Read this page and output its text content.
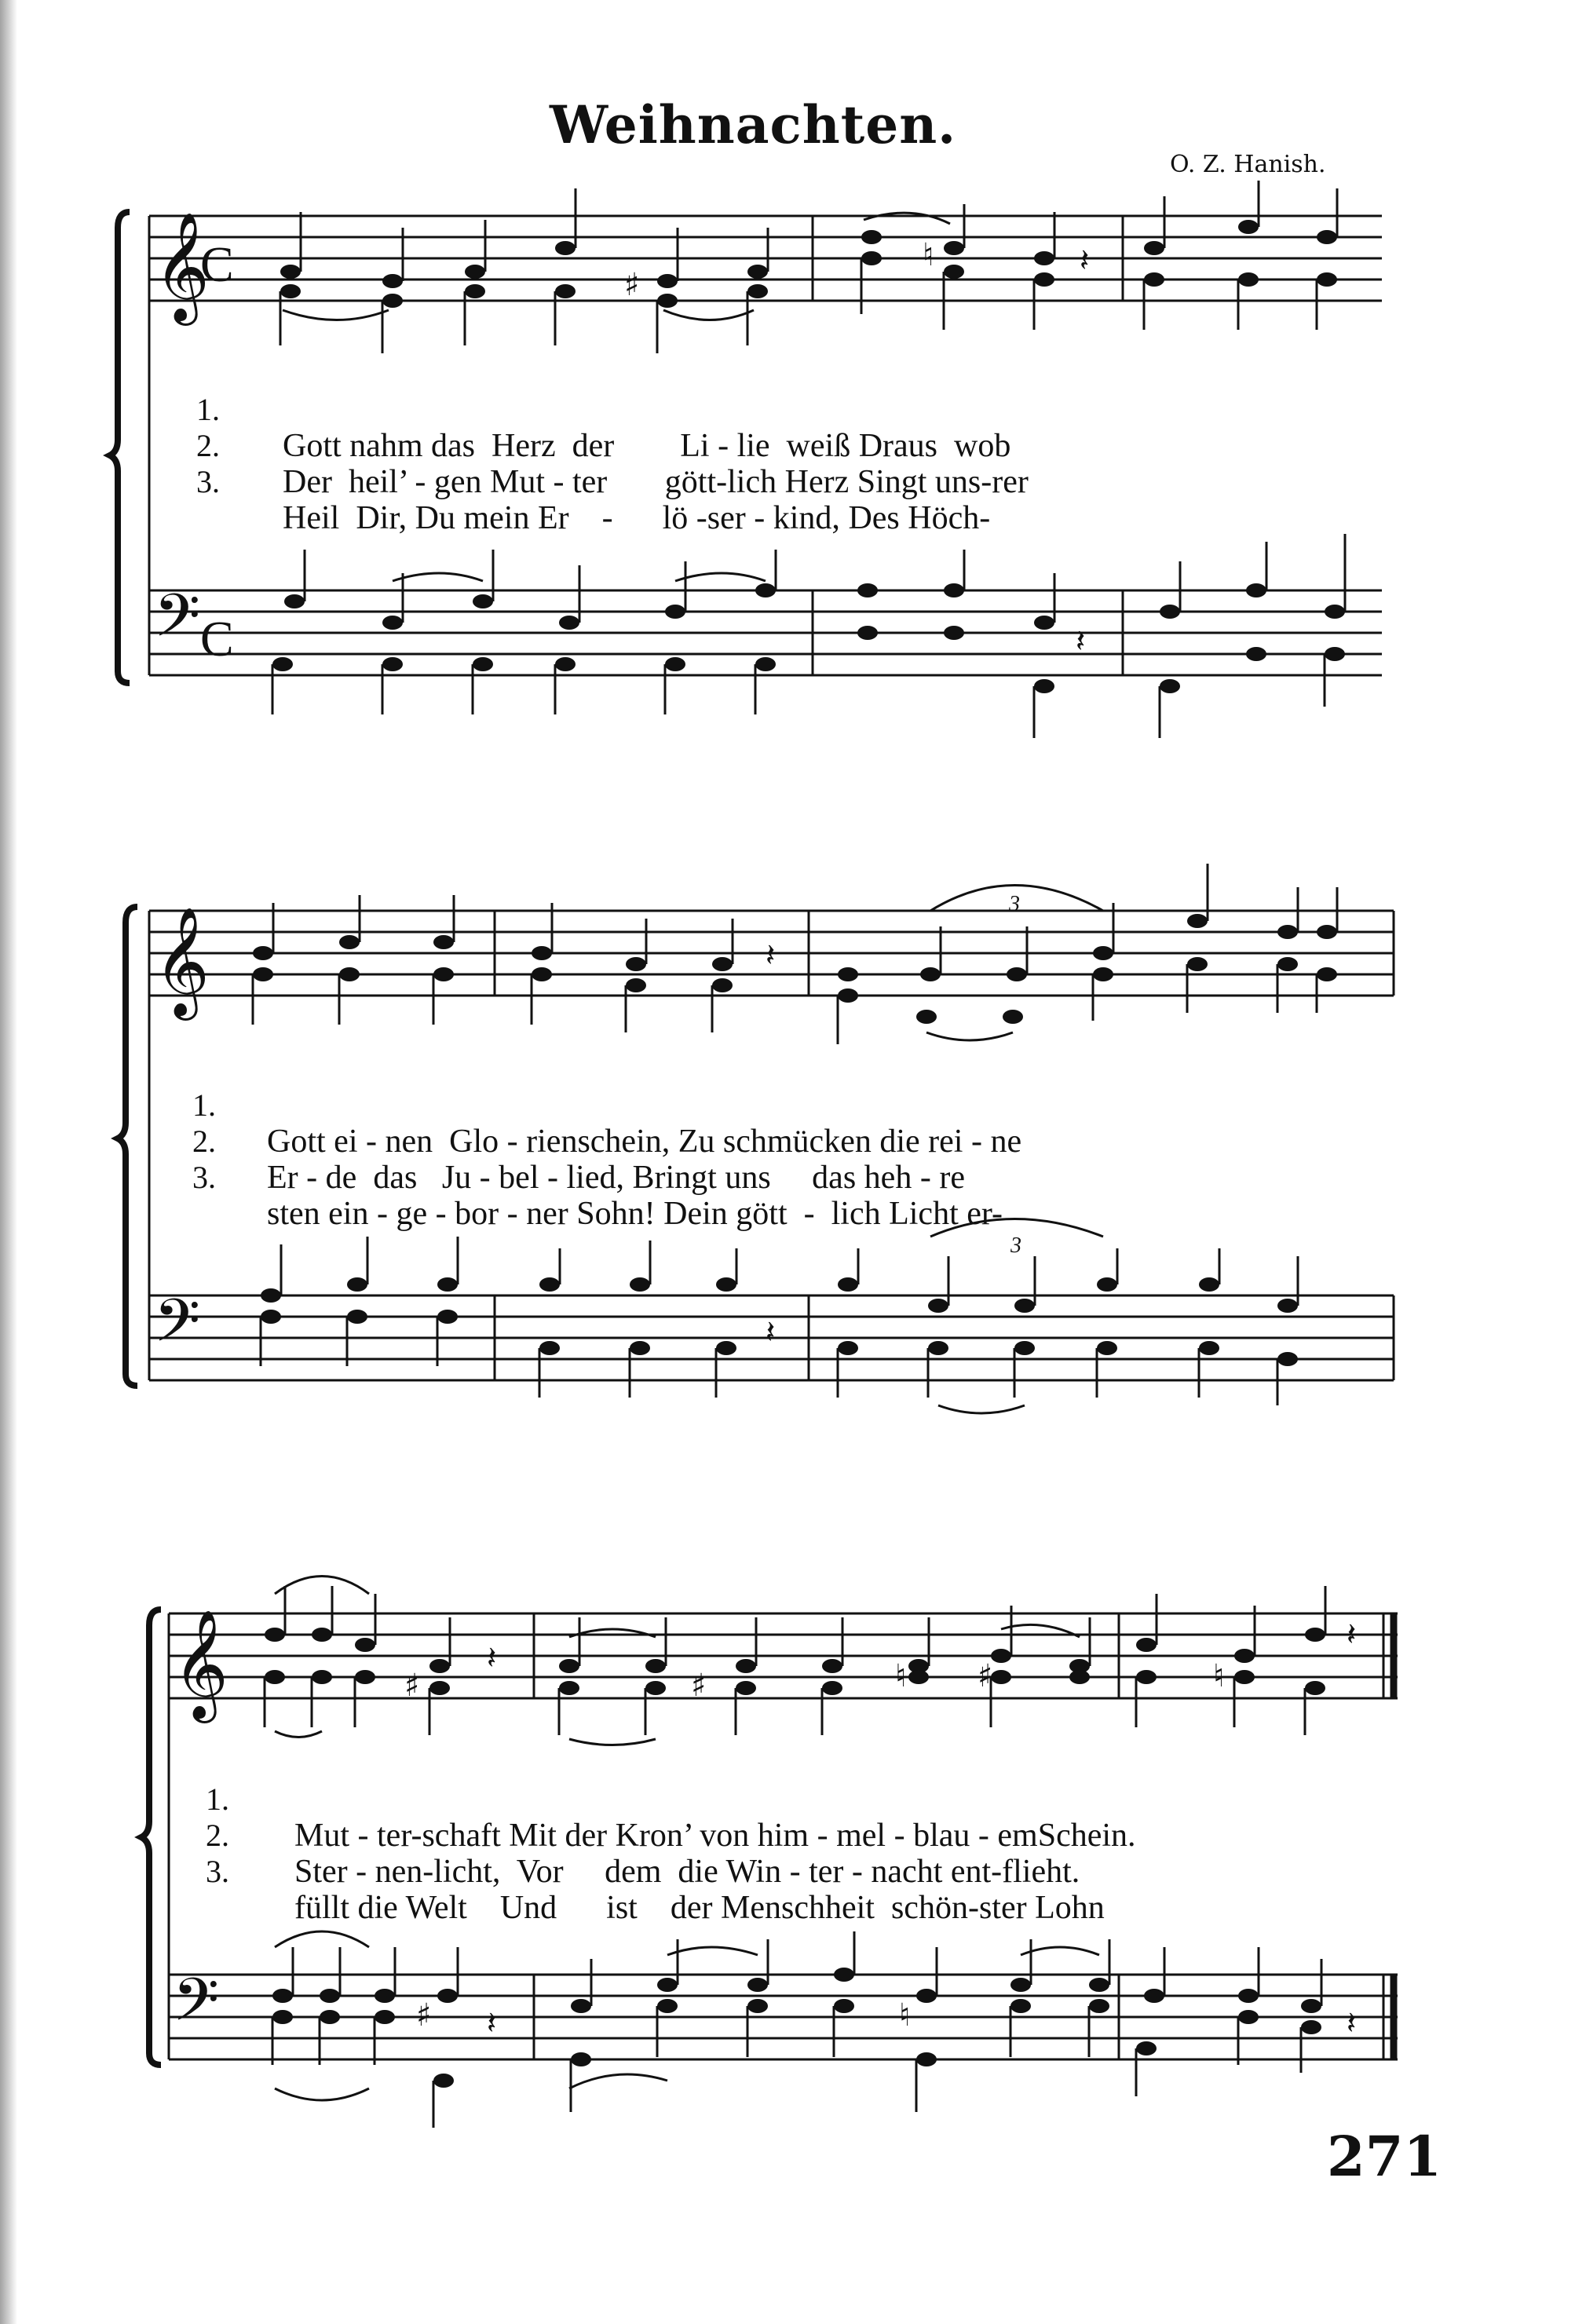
Weihnachten.
O. Z. Hanish.
𝄞
C
𝄢 C
♯
♮	𝄽
𝄽
1.
2.
3.

Gott nahm das Herz der Li - lie weiß Draus wob

Der heil’ - gen Mut - ter gött-lich Herz Singt uns-rer

Heil Dir, Du mein Er - lö -ser - kind, Des Höch-

𝄞
𝄢
3
3
𝄽
𝄽
1.
2.
3.

Gott ei - nen Glo - rienschein, Zu schmücken die rei - ne

Er - de das Ju - bel - lied, Bringt uns das heh - re

sten ein - ge - bor - ner Sohn! Dein gött - lich Licht er-

𝄞
𝄢
♯	♯	♮ ♯	♮
♯	♮
𝄽
𝄽
𝄽	𝄽
1.
2.
3.

Mut - ter-schaft Mit der Kron’ von him - mel - blau - emSchein.

Ster - nen-licht, Vor dem die Win - ter - nacht ent-flieht.

füllt die Welt Und ist der Menschheit schön-ster Lohn

271
